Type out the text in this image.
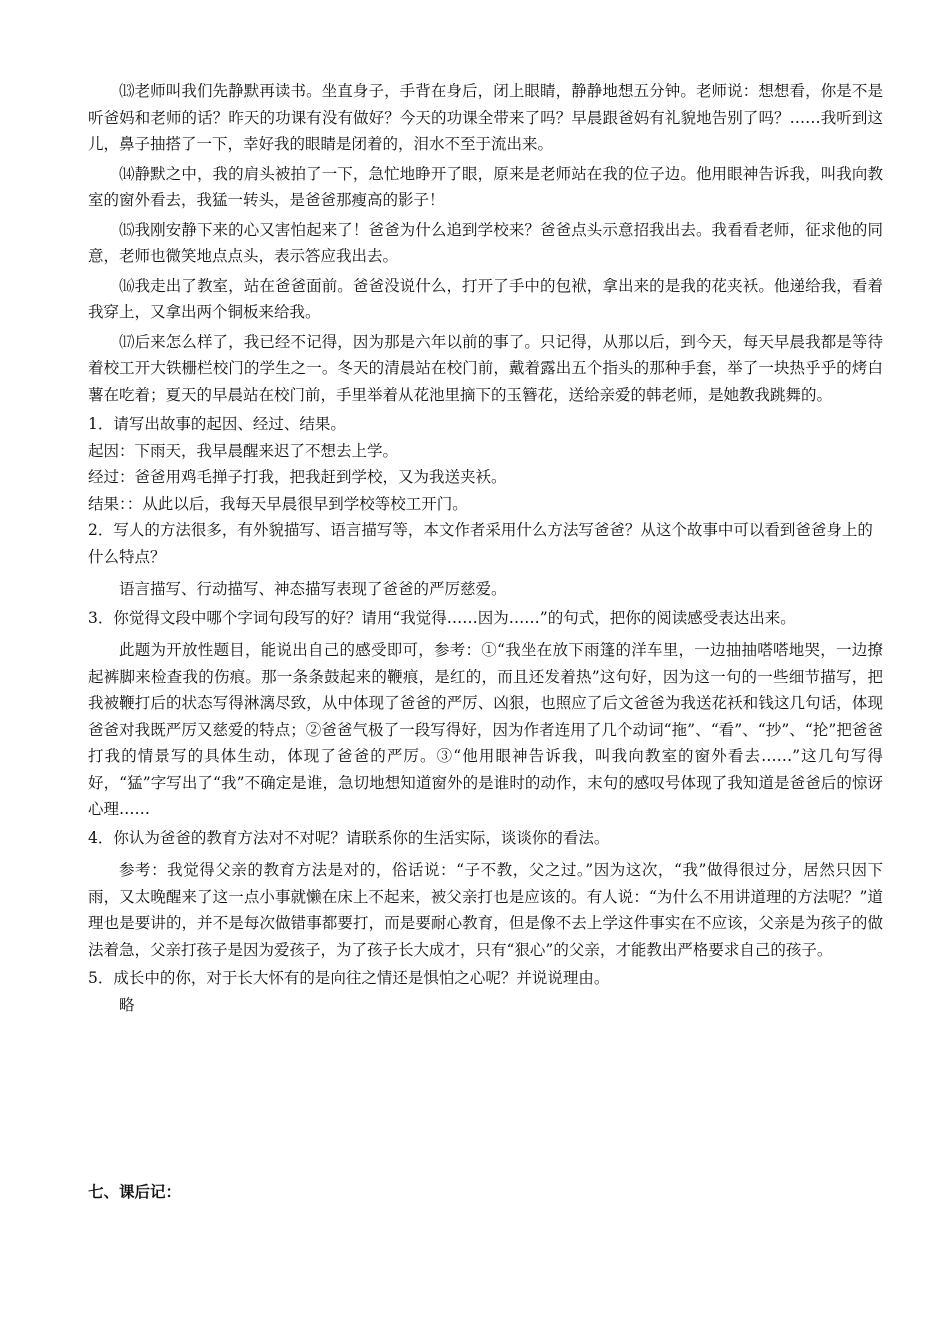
⒀老师叫我们先静默再读书。坐直身子，手背在身后，闭上眼睛，静静地想五分钟。老师说：想想看，你是不是听爸妈和老师的话？昨天的功课有没有做好？今天的功课全带来了吗？早晨跟爸妈有礼貌地告别了吗？……我听到这儿，鼻子抽搭了一下，幸好我的眼睛是闭着的，泪水不至于流出来。

⒁静默之中，我的肩头被拍了一下，急忙地睁开了眼，原来是老师站在我的位子边。他用眼神告诉我，叫我向教室的窗外看去，我猛一转头，是爸爸那瘦高的影子！

⒂我刚安静下来的心又害怕起来了！爸爸为什么追到学校来？爸爸点头示意招我出去。我看看老师，征求他的同意，老师也微笑地点点头，表示答应我出去。

⒃我走出了教室，站在爸爸面前。爸爸没说什么，打开了手中的包袱，拿出来的是我的花夹袄。他递给我，看着我穿上，又拿出两个铜板来给我。

⒄后来怎么样了，我已经不记得，因为那是六年以前的事了。只记得，从那以后，到今天，每天早晨我都是等待着校工开大铁栅栏校门的学生之一。冬天的清晨站在校门前，戴着露出五个指头的那种手套，举了一块热乎乎的烤白薯在吃着；夏天的早晨站在校门前，手里举着从花池里摘下的玉簪花，送给亲爱的韩老师，是她教我跳舞的。

1．请写出故事的起因、经过、结果。

起因：下雨天，我早晨醒来迟了不想去上学。

经过：爸爸用鸡毛掸子打我，把我赶到学校，又为我送夹袄。

结果：：从此以后，我每天早晨很早到学校等校工开门。

2．写人的方法很多，有外貌描写、语言描写等，本文作者采用什么方法写爸爸？从这个故事中可以看到爸爸身上的什么特点？

语言描写、行动描写、神态描写表现了爸爸的严厉慈爱。

3．你觉得文段中哪个字词句段写的好？请用“我觉得……因为……”的句式，把你的阅读感受表达出来。

此题为开放性题目，能说出自己的感受即可，参考：①“我坐在放下雨篷的洋车里，一边抽抽嗒嗒地哭，一边撩起裤脚来检查我的伤痕。那一条条鼓起来的鞭痕，是红的，而且还发着热”这句好，因为这一句的一些细节描写，把我被鞭打后的状态写得淋漓尽致，从中体现了爸爸的严厉、凶狠，也照应了后文爸爸为我送花袄和钱这几句话，体现爸爸对我既严厉又慈爱的特点；②爸爸气极了一段写得好，因为作者连用了几个动词“拖”、“看”、“抄”、“抡”把爸爸打我的情景写的具体生动，体现了爸爸的严厉。③“他用眼神告诉我，叫我向教室的窗外看去……”这几句写得好，“猛”字写出了“我”不确定是谁，急切地想知道窗外的是谁时的动作，末句的感叹号体现了我知道是爸爸后的惊讶心理……

4．你认为爸爸的教育方法对不对呢？请联系你的生活实际，谈谈你的看法。

参考：我觉得父亲的教育方法是对的，俗话说：“子不教，父之过。”因为这次，“我”做得很过分，居然只因下雨，又太晚醒来了这一点小事就懒在床上不起来，被父亲打也是应该的。有人说：“为什么不用讲道理的方法呢？”道理也是要讲的，并不是每次做错事都要打，而是要耐心教育，但是像不去上学这件事实在不应该，父亲是为孩子的做法着急，父亲打孩子是因为爱孩子，为了孩子长大成才，只有“狠心”的父亲，才能教出严格要求自己的孩子。

5．成长中的你，对于长大怀有的是向往之情还是惧怕之心呢？并说说理由。

略

七、课后记：
